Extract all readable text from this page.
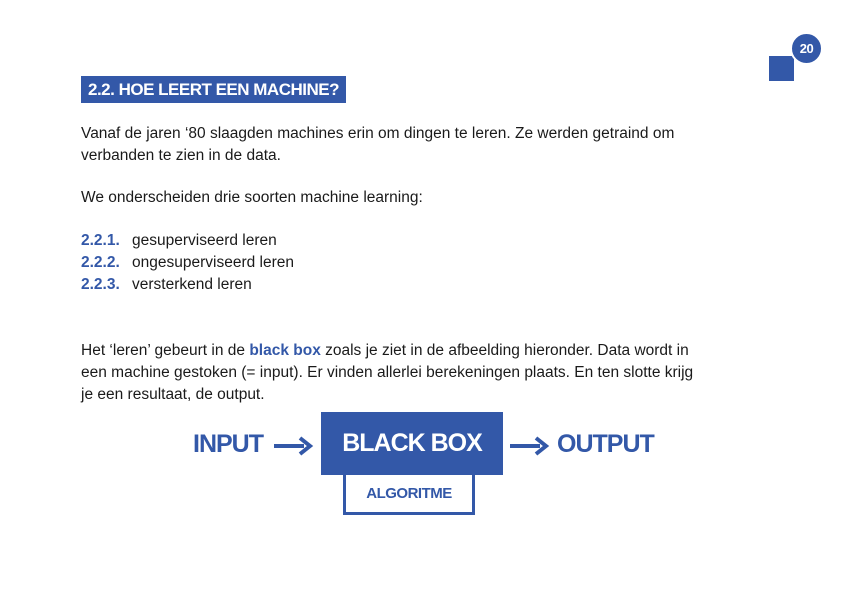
20
2.2. HOE LEERT EEN MACHINE?

Vanaf de jaren ‘80 slaagden machines erin om dingen te leren. Ze werden getraind om
verbanden te zien in de data.

We onderscheiden drie soorten machine learning:

2.2.1. gesuperviseerd leren
2.2.2. ongesuperviseerd leren
2.2.3. versterkend leren

Het ‘leren’ gebeurt in de black box zoals je ziet in de afbeelding hieronder. Data wordt in
een machine gestoken (= input). Er vinden allerlei berekeningen plaats. En ten slotte krijg
je een resultaat, de output.

INPUT	BLACK BOX	OUTPUT
ALGORITME
